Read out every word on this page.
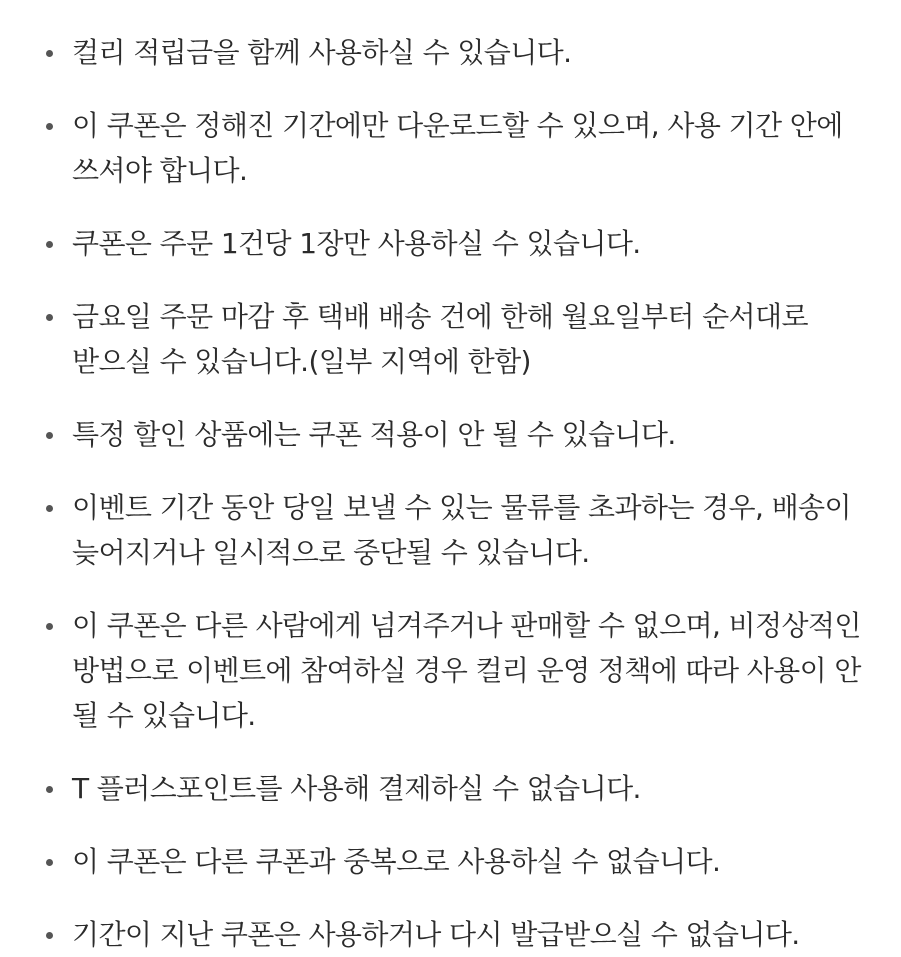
컬리 적립금을 함께 사용하실 수 있습니다.
이 쿠폰은 정해진 기간에만 다운로드할 수 있으며, 사용 기간 안에 쓰셔야 합니다.
쿠폰은 주문 1건당 1장만 사용하실 수 있습니다.
금요일 주문 마감 후 택배 배송 건에 한해 월요일부터 순서대로 받으실 수 있습니다.(일부 지역에 한함)
특정 할인 상품에는 쿠폰 적용이 안 될 수 있습니다.
이벤트 기간 동안 당일 보낼 수 있는 물류를 초과하는 경우, 배송이 늦어지거나 일시적으로 중단될 수 있습니다.
이 쿠폰은 다른 사람에게 넘겨주거나 판매할 수 없으며, 비정상적인 방법으로 이벤트에 참여하실 경우 컬리 운영 정책에 따라 사용이 안 될 수 있습니다.
T 플러스포인트를 사용해 결제하실 수 없습니다.
이 쿠폰은 다른 쿠폰과 중복으로 사용하실 수 없습니다.
기간이 지난 쿠폰은 사용하거나 다시 발급받으실 수 없습니다.
